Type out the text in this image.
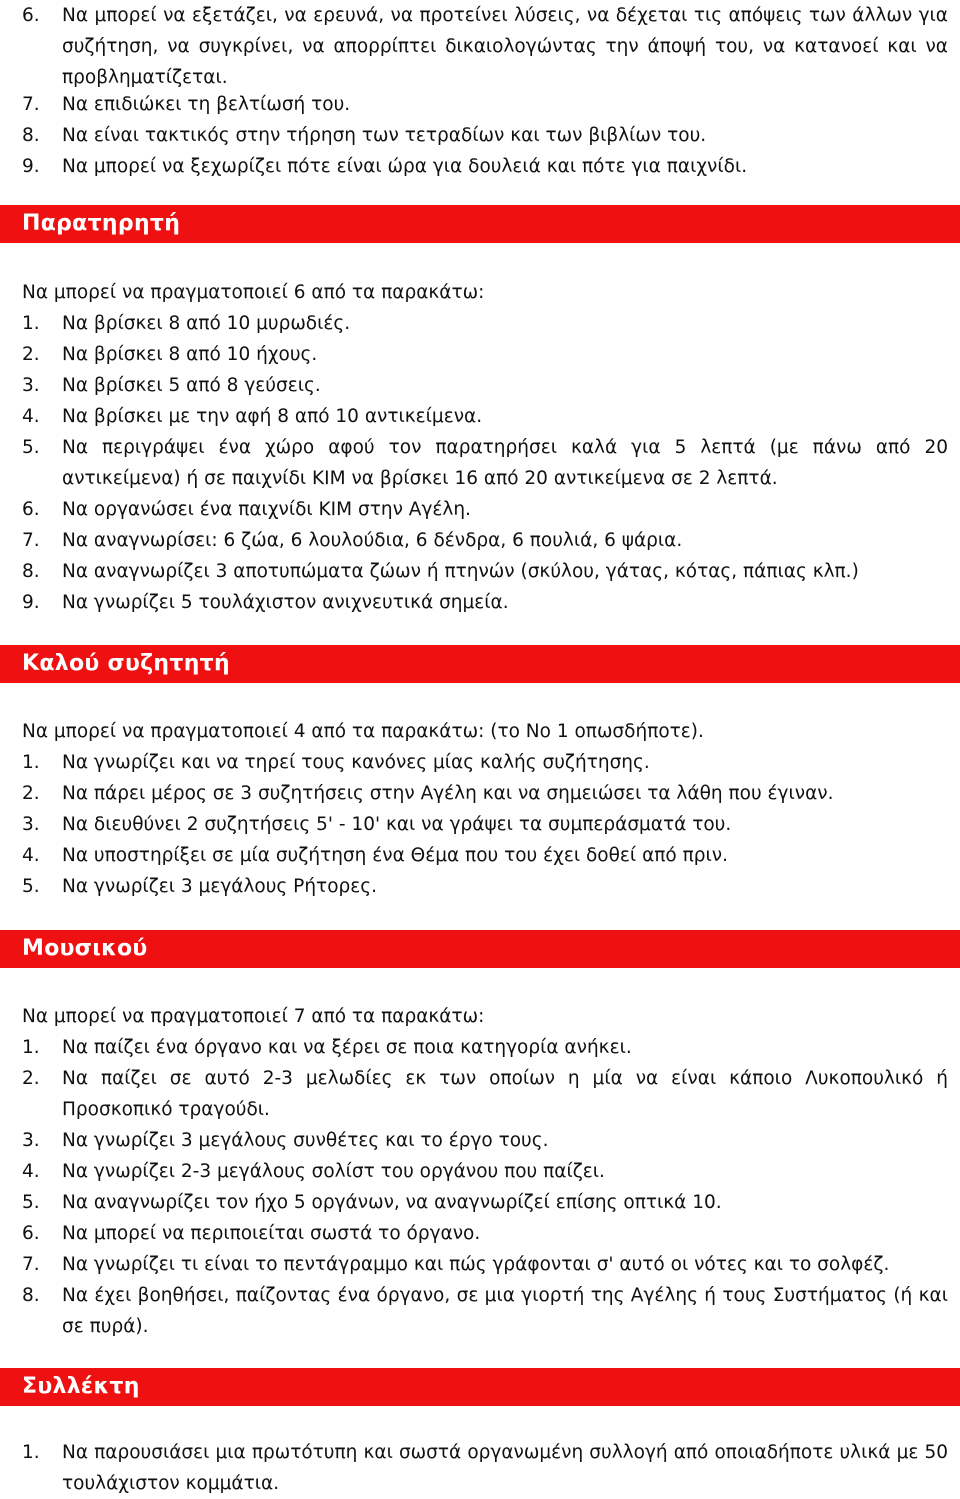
6.	Να μπορεί να εξετάζει, να ερευνά, να προτείνει λύσεις, να δέχεται τις απόψεις των άλλων για συζήτηση, να συγκρίνει, να απορρίπτει δικαιολογώντας την άποψή του, να κατανοεί και να προβληματίζεται.
7.	Να επιδιώκει τη βελτίωσή του.
8.	Να είναι τακτικός στην τήρηση των τετραδίων και των βιβλίων του.
9.	Να μπορεί να ξεχωρίζει πότε είναι ώρα για δουλειά και πότε για παιχνίδι.
Παρατηρητή
Να μπορεί να πραγματοποιεί 6 από τα παρακάτω:
1.	Να βρίσκει 8 από 10 μυρωδιές.
2.	Να βρίσκει 8 από 10 ήχους.
3.	Να βρίσκει 5 από 8 γεύσεις.
4.	Να βρίσκει με την αφή 8 από 10 αντικείμενα.
5.	Να περιγράψει ένα χώρο αφού τον παρατηρήσει καλά για 5 λεπτά (με πάνω από 20 αντικείμενα) ή σε παιχνίδι ΚΙΜ να βρίσκει 16 από 20 αντικείμενα σε 2 λεπτά.
6.	Να οργανώσει ένα παιχνίδι ΚΙΜ στην Αγέλη.
7.	Να αναγνωρίσει: 6 ζώα, 6 λουλούδια, 6 δένδρα, 6 πουλιά, 6 ψάρια.
8.	Να αναγνωρίζει 3 αποτυπώματα ζώων ή πτηνών (σκύλου, γάτας, κότας, πάπιας κλπ.)
9.	Να γνωρίζει 5 τουλάχιστον ανιχνευτικά σημεία.
Καλού συζητητή
Να μπορεί να πραγματοποιεί 4 από τα παρακάτω: (το Νο 1 οπωσδήποτε).
1.	Να γνωρίζει και να τηρεί τους κανόνες μίας καλής συζήτησης.
2.	Να πάρει μέρος σε 3 συζητήσεις στην Αγέλη και να σημειώσει τα λάθη που έγιναν.
3.	Να διευθύνει 2 συζητήσεις 5' - 10' και να γράψει τα συμπεράσματά του.
4.	Να υποστηρίξει σε μία συζήτηση ένα Θέμα που του έχει δοθεί από πριν.
5.	Να γνωρίζει 3 μεγάλους Ρήτορες.
Μουσικού
Να μπορεί να πραγματοποιεί 7 από τα παρακάτω:
1.	Να παίζει ένα όργανο και να ξέρει σε ποια κατηγορία ανήκει.
2.	Να παίζει σε αυτό 2-3 μελωδίες εκ των οποίων η μία να είναι κάποιο Λυκοπουλικό ή Προσκοπικό τραγούδι.
3.	Να γνωρίζει 3 μεγάλους συνθέτες και το έργο τους.
4.	Να γνωρίζει 2-3 μεγάλους σολίστ του οργάνου που παίζει.
5.	Να αναγνωρίζει τον ήχο 5 οργάνων, να αναγνωρίζεί επίσης οπτικά 10.
6.	Να μπορεί να περιποιείται σωστά το όργανο.
7.	Να γνωρίζει τι είναι το πεντάγραμμο και πώς γράφονται σ' αυτό οι νότες και το σολφέζ.
8.	Να έχει βοηθήσει, παίζοντας ένα όργανο, σε μια γιορτή της Αγέλης ή τους Συστήματος (ή και σε πυρά).
Συλλέκτη
1.	Να παρουσιάσει μια πρωτότυπη και σωστά οργανωμένη συλλογή από οποιαδήποτε υλικά με 50 τουλάχιστον κομμάτια.
